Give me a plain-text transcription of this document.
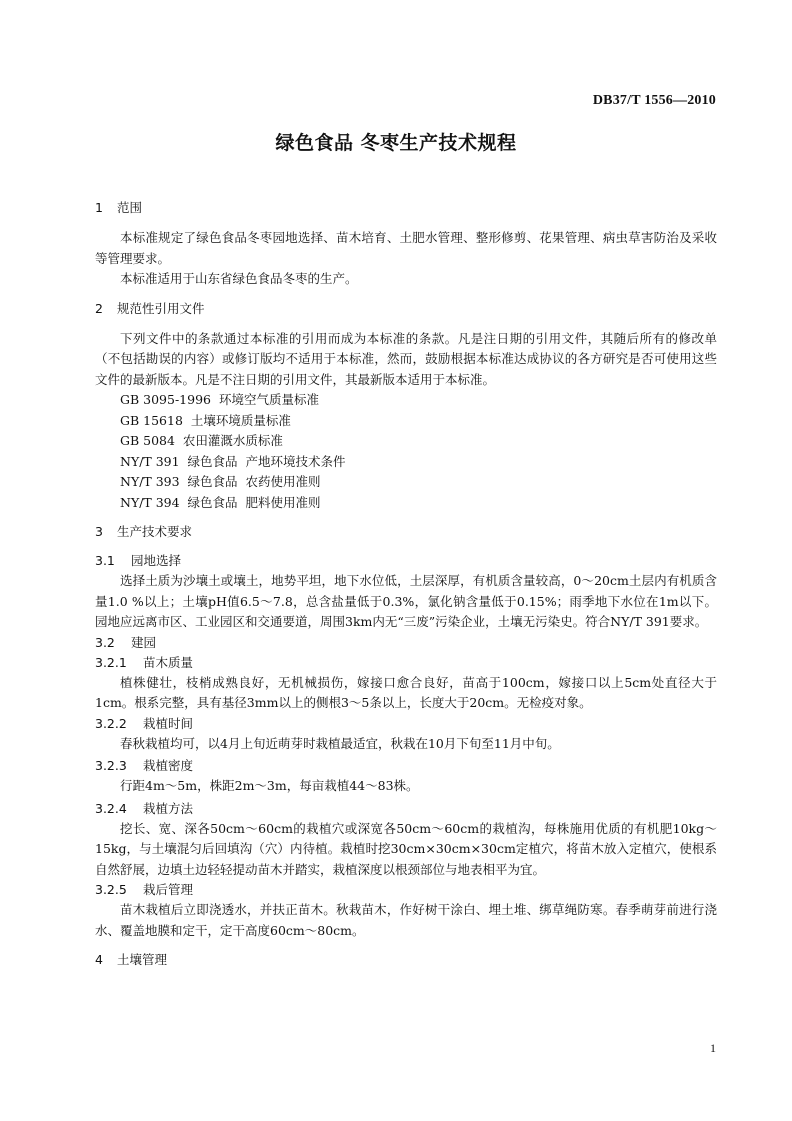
DB37/T 1556—2010
绿色食品 冬枣生产技术规程
1 范围

本标准规定了绿色食品冬枣园地选择、苗木培育、土肥水管理、整形修剪、花果管理、病虫草害防治及采收等管理要求。

本标准适用于山东省绿色食品冬枣的生产。

2 规范性引用文件

下列文件中的条款通过本标准的引用而成为本标准的条款。凡是注日期的引用文件，其随后所有的修改单（不包括勘误的内容）或修订版均不适用于本标准，然而，鼓励根据本标准达成协议的各方研究是否可使用这些文件的最新版本。凡是不注日期的引用文件，其最新版本适用于本标准。

GB 3095-1996  环境空气质量标准

GB 15618  土壤环境质量标准

GB 5084  农田灌溉水质标准

NY/T 391  绿色食品  产地环境技术条件

NY/T 393  绿色食品  农药使用准则

NY/T 394  绿色食品  肥料使用准则

3 生产技术要求
3.1 园地选择

选择土质为沙壤土或壤土，地势平坦，地下水位低，土层深厚，有机质含量较高，0～20cm土层内有机质含量1.0 %以上；土壤pH值6.5～7.8，总含盐量低于0.3%，氯化钠含量低于0.15%；雨季地下水位在1m以下。园地应远离市区、工业园区和交通要道，周围3km内无“三废”污染企业，土壤无污染史。符合NY/T 391要求。

3.2 建园
3.2.1 苗木质量

植株健壮，枝梢成熟良好，无机械损伤，嫁接口愈合良好，苗高于100cm，嫁接口以上5cm处直径大于1cm。根系完整，具有基径3mm以上的侧根3～5条以上，长度大于20cm。无检疫对象。

3.2.2 栽植时间

春秋栽植均可，以4月上旬近萌芽时栽植最适宜，秋栽在10月下旬至11月中旬。

3.2.3 栽植密度

行距4m～5m，株距2m～3m，每亩栽植44～83株。

3.2.4 栽植方法

挖长、宽、深各50cm～60cm的栽植穴或深宽各50cm～60cm的栽植沟，每株施用优质的有机肥10kg～15kg，与土壤混匀后回填沟（穴）内待植。栽植时挖30cm×30cm×30cm定植穴，将苗木放入定植穴，使根系自然舒展，边填土边轻轻提动苗木并踏实，栽植深度以根颈部位与地表相平为宜。

3.2.5 栽后管理

苗木栽植后立即浇透水，并扶正苗木。秋栽苗木，作好树干涂白、埋土堆、绑草绳防寒。春季萌芽前进行浇水、覆盖地膜和定干，定干高度60cm～80cm。

4 土壤管理
1
